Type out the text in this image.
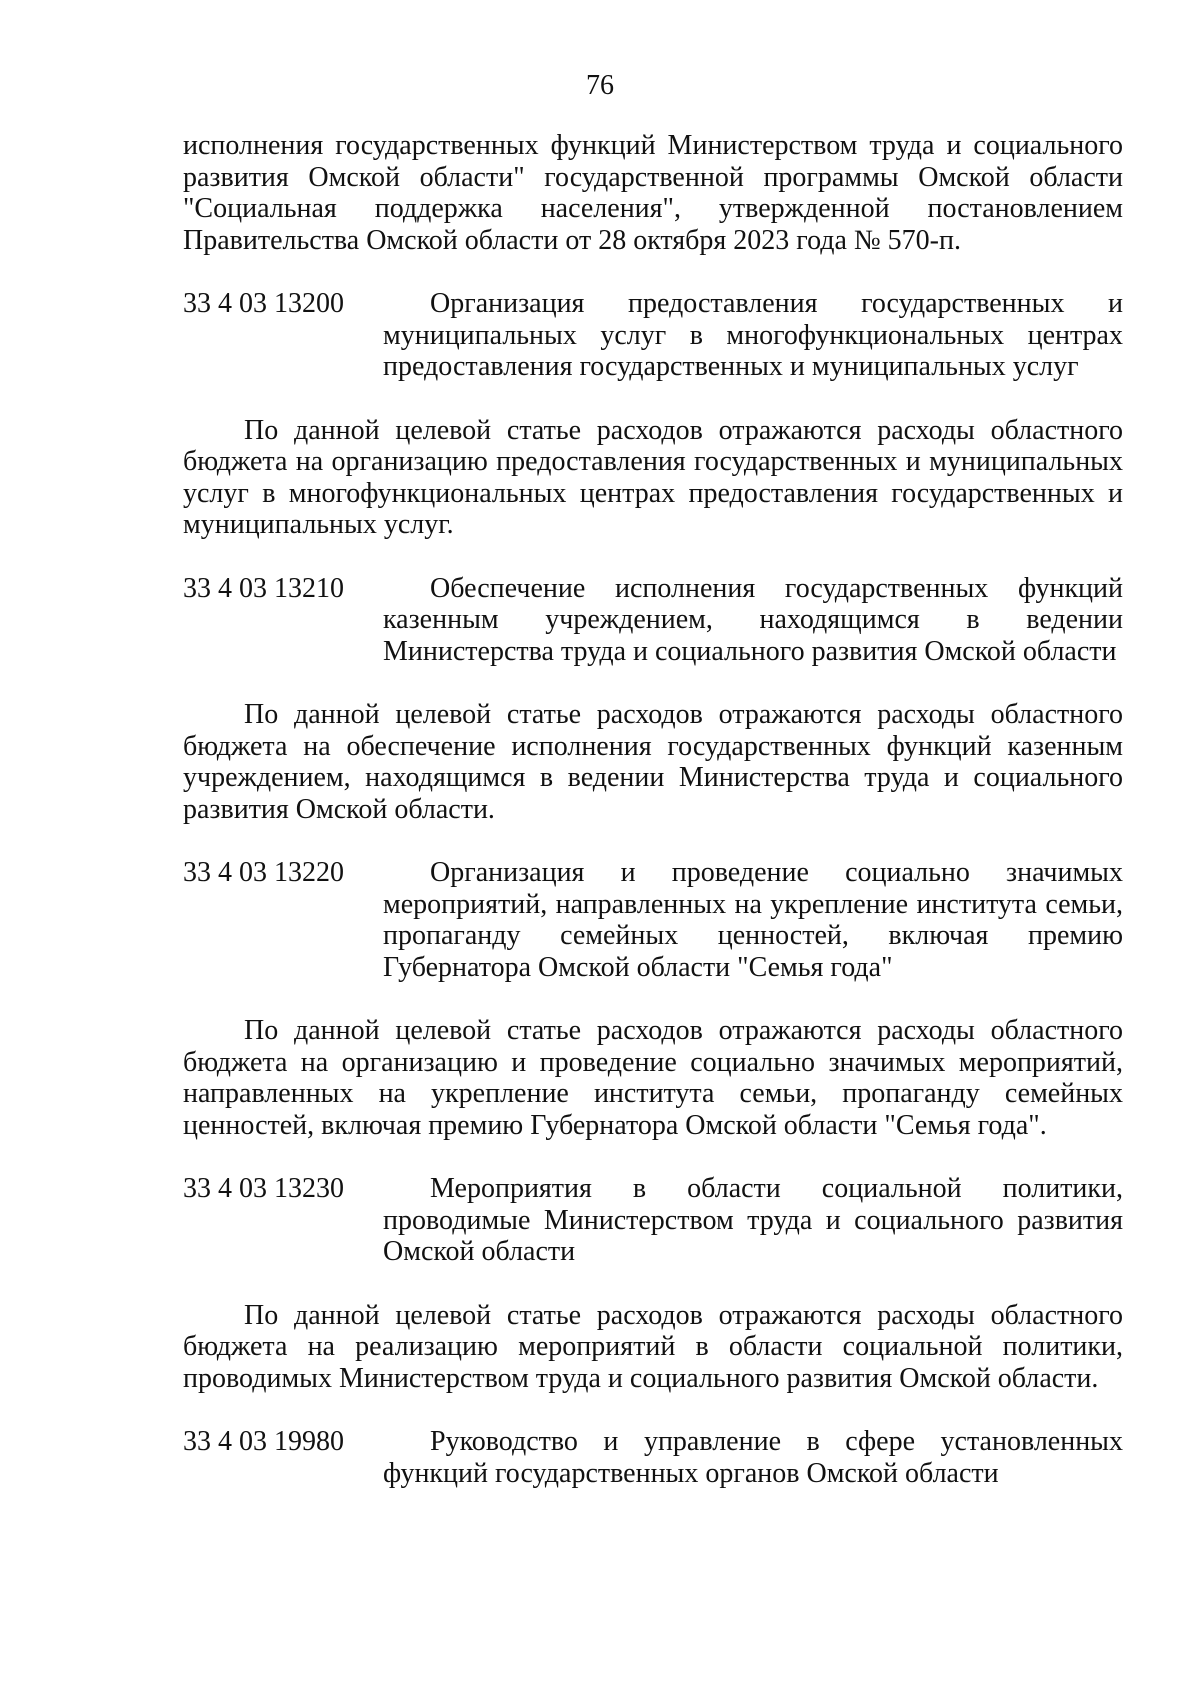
76

исполнения государственных функций Министерством труда и социального развития Омской области" государственной программы Омской области "Социальная поддержка населения", утвержденной постановлением Правительства Омской области от 28 октября 2023 года № 570-п.

33 4 03 13200	Организация предоставления государственных и муниципальных услуг в многофункциональных центрах предоставления государственных и муниципальных услуг

По данной целевой статье расходов отражаются расходы областного бюджета на организацию предоставления государственных и муниципальных услуг в многофункциональных центрах предоставления государственных и муниципальных услуг.

33 4 03 13210	Обеспечение исполнения государственных функций казенным учреждением, находящимся в ведении Министерства труда и социального развития Омской области

По данной целевой статье расходов отражаются расходы областного бюджета на обеспечение исполнения государственных функций казенным учреждением, находящимся в ведении Министерства труда и социального развития Омской области.

33 4 03 13220	Организация и проведение социально значимых мероприятий, направленных на укрепление института семьи, пропаганду семейных ценностей, включая премию Губернатора Омской области "Семья года"

По данной целевой статье расходов отражаются расходы областного бюджета на организацию и проведение социально значимых мероприятий, направленных на укрепление института семьи, пропаганду семейных ценностей, включая премию Губернатора Омской области "Семья года".

33 4 03 13230	Мероприятия в области социальной политики, проводимые Министерством труда и социального развития Омской области

По данной целевой статье расходов отражаются расходы областного бюджета на реализацию мероприятий в области социальной политики, проводимых Министерством труда и социального развития Омской области.

33 4 03 19980	Руководство и управление в сфере установленных функций государственных органов Омской области
